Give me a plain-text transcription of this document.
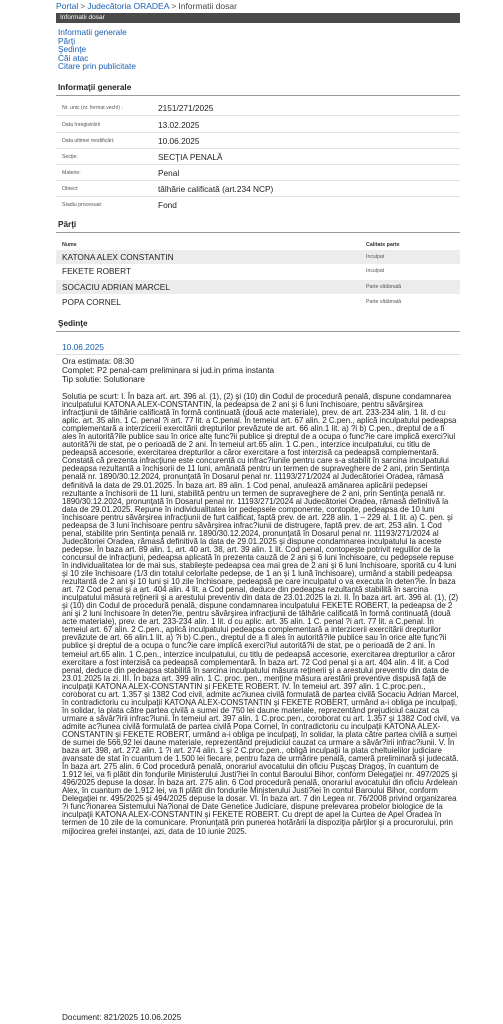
Portal > Judecătoria ORADEA > Informatii dosar
Informatii dosar
Informatii generale
Părţi
Şedinţe
Căi atac
Citare prin publicitate
Informaţii generale
Nr. unic (nr. format vechi) :	2151/271/2025
Data înregistrării	13.02.2025
Data ultimei modificări:	10.06.2025
Secţie:	SECŢIA PENALĂ
Materie:	Penal
Obiect:	tâlhărie calificată (art.234 NCP)
Stadiu procesual:	Fond
Părţi
Nume	Calitate parte
KATONA ALEX CONSTANTIN	Inculpat
FEKETE ROBERT	Inculpat
SOCACIU ADRIAN MARCEL	Parte vătămată
POPA CORNEL	Parte vătămată
Şedinţe
10.06.2025
Ora estimata: 08:30
Complet: P2 penal-cam preliminara si jud.in prima instanta
Tip solutie: Solutionare

Solutia pe scurt: I. În baza art. art. 396 al. (1), (2) şi (10) din Codul de procedură penală, dispune condamnarea inculpatului KATONA ALEX-CONSTANTIN, la pedeapsa de 2 ani şi 6 luni închisoare, pentru săvârşirea infracţiunii de tâlhărie calificată în formă continuată (două acte materiale), prev. de art. 233-234 alin. 1 lit. d cu aplic. art. 35 alin. 1 C. penal ?i art. 77 lit. a C.penal. În temeiul art. 67 alin. 2 C.pen., aplică inculpatului pedeapsa complementară a interzicerii exercitării drepturilor prevăzute de art. 66 alin.1 lit. a) ?i b) C.pen., dreptul de a fi ales în autorită?ile publice sau în orice alte func?ii publice şi dreptul de a ocupa o func?ie care implică exerci?iul autorită?ii de stat, pe o perioadă de 2 ani. În temeiul art.65 alin. 1 C.pen., interzice inculpatului, cu titlu de pedeapsă accesorie, exercitarea drepturilor a căror exercitare a fost interzisă ca pedeapsă complementară. Constată că prezenta infracţiune este concurentă cu infrac?iunile pentru care s-a stabilit în sarcina inculpatului pedeapsa rezultantă a închisorii de 11 luni, amânată pentru un termen de supraveghere de 2 ani, prin Sentinţa penală nr. 1890/30.12.2024, pronunţată în Dosarul penal nr. 11193/271/2024 al Judecătoriei Oradea, rămasă definitivă la data de 29.01.2025. În baza art. 89 alin. 1 Cod penal, anulează amânarea aplicării pedepsei rezultante a închisorii de 11 luni, stabilită pentru un termen de supraveghere de 2 ani, prin Sentinţa penală nr. 1890/30.12.2024, pronunţată în Dosarul penal nr. 11193/271/2024 al Judecătoriei Oradea, rămasă definitivă la data de 29.01.2025. Repune în individualitatea lor pedepsele componente, contopite, pedeapsa de 10 luni închisoare pentru săvârşirea infracţiunii de furt calificat, faptă prev. de art. 228 alin. 1 – 229 al. 1 lit. a) C. pen. şi pedeapsa de 3 luni închisoare pentru săvârşirea infrac?iunii de distrugere, faptă prev. de art. 253 alin. 1 Cod penal, stabilite prin Sentinţa penală nr. 1890/30.12.2024, pronunţată în Dosarul penal nr. 11193/271/2024 al Judecătoriei Oradea, rămasă definitivă la data de 29.01.2025 şi dispune condamnarea inculpatului la aceste pedepse. În baza art. 89 alin. 1, art. 40 art. 38, art. 39 alin. 1 lit. Cod penal, contopeşte potrivit regulilor de la concursul de infracţiuni, pedeapsa aplicată în prezenta cauză de 2 ani şi 6 luni închisoare, cu pedepsele repuse în individualitatea lor de mai sus, stabileşte pedeapsa cea mai grea de 2 ani şi 6 luni închisoare, sporită cu 4 luni şi 10 zile închisoare (1/3 din totalul celorlalte pedepse, de 1 an şi 1 lună închisoare), urmând a stabili pedeapsa rezultantă de 2 ani şi 10 luni şi 10 zile închisoare, pedeapsă pe care inculpatul o va executa în deten?ie. În baza art. 72 Cod penal şi a art. 404 alin. 4 lit. a Cod penal, deduce din pedeapsa rezultantă stabilită în sarcina inculpatului măsura reţinerii şi a arestului preventiv din data de 23.01.2025 la zi. II. În baza art. art. 396 al. (1), (2) şi (10) din Codul de procedură penală, dispune condamnarea inculpatului FEKETE ROBERT, la pedeapsa de 2 ani şi 2 luni închisoare în deten?ie, pentru săvârşirea infracţiunii de tâlhărie calificată în formă continuată (două acte materiale), prev. de art. 233-234 alin. 1 lit. d cu aplic. art. 35 alin. 1 C. penal ?i art. 77 lit. a C.penal. În temeiul art. 67 alin. 2 C.pen., aplică inculpatului pedeapsa complementară a interzicerii exercitării drepturilor prevăzute de art. 66 alin.1 lit. a) ?i b) C.pen., dreptul de a fi ales în autorită?ile publice sau în orice alte func?ii publice şi dreptul de a ocupa o func?ie care implică exerci?iul autorită?ii de stat, pe o perioadă de 2 ani. În temeiul art.65 alin. 1 C.pen., interzice inculpatului, cu titlu de pedeapsă accesorie, exercitarea drepturilor a căror exercitare a fost interzisă ca pedeapsă complementară. În baza art. 72 Cod penal şi a art. 404 alin. 4 lit. a Cod penal, deduce din pedeapsa stabilită în sarcina inculpatului măsura reţinerii şi a arestului preventiv din data de 23.01.2025 la zi. III. În baza art. 399 alin. 1 C. proc. pen., menţine măsura arestării preventive dispusă faţă de inculpaţii KATONA ALEX-CONSTANTIN şi FEKETE ROBERT. IV. În temeiul art. 397 alin. 1 C.proc.pen., coroborat cu art. 1.357 şi 1382 Cod civil, admite ac?iunea civilă formulată de partea civilă Socaciu Adrian Marcel, în contradictoriu cu inculpaţii KATONA ALEX-CONSTANTIN şi FEKETE ROBERT, urmând a-i obliga pe inculpaţi, în solidar, la plata către partea civilă a sumei de 750 lei daune materiale, reprezentând prejudiciul cauzat ca urmare a săvâr?irii infrac?iunii. În temeiul art. 397 alin. 1 C.proc.pen., coroborat cu art. 1.357 şi 1382 Cod civil, va admite ac?iunea civilă formulată de partea civilă Popa Cornel, în contradictoriu cu inculpaţii KATONA ALEX-CONSTANTIN şi FEKETE ROBERT, urmând a-i obliga pe inculpaţi, în solidar, la plata către partea civilă a sumei de sumei de 566,92 lei daune materiale, reprezentând prejudiciul cauzat ca urmare a săvâr?irii infrac?iunii. V. În baza art. 398, art. 272 alin. 1 ?i art. 274 alin. 1 şi 2 C.proc.pen., obligă inculpaţii la plata cheltuielilor judiciare avansate de stat în cuantum de 1.500 lei fiecare, pentru faza de urmărire penală, cameră preliminară şi judecată. În baza art. 275 alin. 6 Cod procedură penală, onorariul avocatului din oficiu Puşcaş Dragoş, în cuantum de 1.912 lei, va fi plătit din fondurile Ministerului Justi?iei în contul Baroului Bihor, conform Delegaţiei nr. 497/2025 şi 496/2025 depuse la dosar. În baza art. 275 alin. 6 Cod procedură penală, onorariul avocatului din oficiu Ardelean Alex, în cuantum de 1.912 lei, va fi plătit din fondurile Ministerului Justi?iei în contul Baroului Bihor, conform Delegaţiei nr. 495/2025 şi 494/2025 depuse la dosar. VI. În baza art. 7 din Legea nr. 76/2008 privind organizarea ?i func?ionarea Sistemului Na?ional de Date Genetice Judiciare, dispune prelevarea probelor biologice de la inculpaţii KATONA ALEX-CONSTANTIN şi FEKETE ROBERT. Cu drept de apel la Curtea de Apel Oradea în termen de 10 zile de la comunicare. Pronunţată prin punerea hotărârii la dispoziţia părţilor şi a procurorului, prin mijlocirea grefei instanţei, azi, data de 10 iunie 2025.

Document: 821/2025 10.06.2025
